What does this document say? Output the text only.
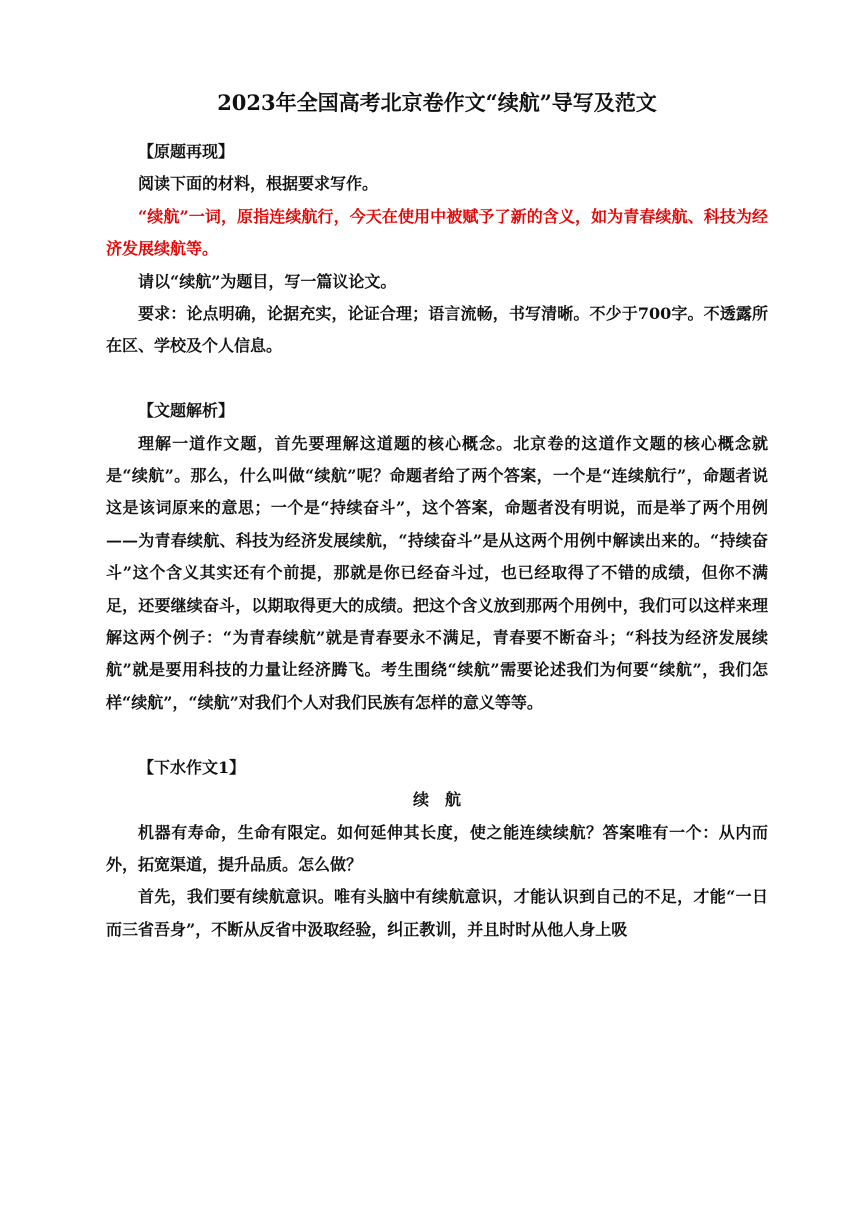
2023年全国高考北京卷作文“续航”导写及范文

【原题再现】

阅读下面的材料，根据要求写作。

“续航”一词，原指连续航行，今天在使用中被赋予了新的含义，如为青春续航、科技为经济发展续航等。

请以“续航”为题目，写一篇议论文。

要求：论点明确，论据充实，论证合理；语言流畅，书写清晰。不少于700字。不透露所在区、学校及个人信息。

【文题解析】

理解一道作文题，首先要理解这道题的核心概念。北京卷的这道作文题的核心概念就是“续航”。那么，什么叫做“续航”呢？命题者给了两个答案，一个是“连续航行”，命题者说这是该词原来的意思；一个是“持续奋斗”，这个答案，命题者没有明说，而是举了两个用例——为青春续航、科技为经济发展续航，“持续奋斗”是从这两个用例中解读出来的。“持续奋斗”这个含义其实还有个前提，那就是你已经奋斗过，也已经取得了不错的成绩，但你不满足，还要继续奋斗，以期取得更大的成绩。把这个含义放到那两个用例中，我们可以这样来理解这两个例子：“为青春续航”就是青春要永不满足，青春要不断奋斗；“科技为经济发展续航”就是要用科技的力量让经济腾飞。考生围绕“续航”需要论述我们为何要“续航”，我们怎样“续航”，“续航”对我们个人对我们民族有怎样的意义等等。

【下水作文1】

续　航

机器有寿命，生命有限定。如何延伸其长度，使之能连续续航？答案唯有一个：从内而外，拓宽渠道，提升品质。怎么做？

首先，我们要有续航意识。唯有头脑中有续航意识，才能认识到自己的不足，才能“一日而三省吾身”，不断从反省中汲取经验，纠正教训，并且时时从他人身上吸
